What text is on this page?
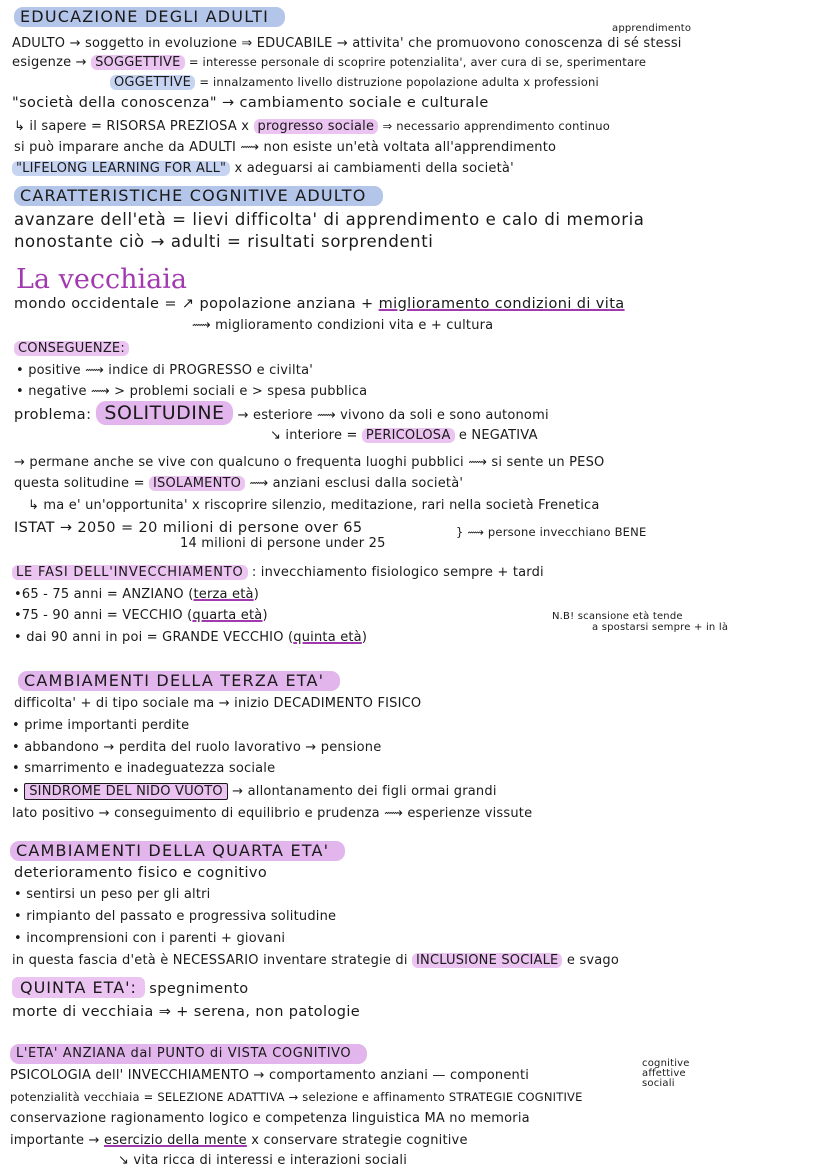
EDUCAZIONE DEGLI ADULTI
apprendimento
ADULTO → soggetto in evoluzione ⇒ EDUCABILE → attivita' che promuovono conoscenza di sé stessi
esigenze → SOGGETTIVE = interesse personale di scoprire potenzialita', aver cura di se, sperimentare
OGGETTIVE = innalzamento livello distruzione popolazione adulta x professioni
"società della conoscenza" → cambiamento sociale e culturale
↳ il sapere = RISORSA PREZIOSA x progresso sociale ⇒ necessario apprendimento continuo
si può imparare anche da ADULTI ⟿ non esiste un'età voltata all'apprendimento
"LIFELONG LEARNING FOR ALL" x adeguarsi ai cambiamenti della società'
CARATTERISTICHE COGNITIVE ADULTO
avanzare dell'età = lievi difficolta' di apprendimento e calo di memoria
nonostante ciò → adulti = risultati sorprendenti
La vecchiaia
mondo occidentale = ↗ popolazione anziana + miglioramento condizioni di vita
⟿ miglioramento condizioni vita e + cultura
CONSEGUENZE:
• positive ⟿ indice di PROGRESSO e civilta'
• negative ⟿ > problemi sociali e > spesa pubblica
problema: SOLITUDINE → esteriore ⟿ vivono da soli e sono autonomi
↘ interiore = PERICOLOSA e NEGATIVA
→ permane anche se vive con qualcuno o frequenta luoghi pubblici ⟿ si sente un PESO
questa solitudine = ISOLAMENTO ⟿ anziani esclusi dalla società'
↳ ma e' un'opportunita' x riscoprire silenzio, meditazione, rari nella società Frenetica
ISTAT → 2050 = 20 milioni di persone over 65
14 milioni di persone under 25
} ⟿ persone invecchiano BENE
LE FASI DELL'INVECCHIAMENTO : invecchiamento fisiologico sempre + tardi
•65 - 75 anni = ANZIANO (terza età)
•75 - 90 anni = VECCHIO (quarta età)
• dai 90 anni in poi = GRANDE VECCHIO (quinta età)
N.B! scansione età tende
a spostarsi sempre + in là
CAMBIAMENTI DELLA TERZA ETA'
difficolta' + di tipo sociale ma → inizio DECADIMENTO FISICO
• prime importanti perdite
• abbandono → perdita del ruolo lavorativo → pensione
• smarrimento e inadeguatezza sociale
• SINDROME DEL NIDO VUOTO → allontanamento dei figli ormai grandi
lato positivo → conseguimento di equilibrio e prudenza ⟿ esperienze vissute
CAMBIAMENTI DELLA QUARTA ETA'
deterioramento fisico e cognitivo
• sentirsi un peso per gli altri
• rimpianto del passato e progressiva solitudine
• incomprensioni con i parenti + giovani
in questa fascia d'età è NECESSARIO inventare strategie di INCLUSIONE SOCIALE e svago
QUINTA ETA': spegnimento
morte di vecchiaia ⇒ + serena, non patologie
L'ETA' ANZIANA dal PUNTO di VISTA COGNITIVO
PSICOLOGIA dell' INVECCHIAMENTO → comportamento anziani — componenti
cognitive
affettive
sociali
potenzialità vecchiaia = SELEZIONE ADATTIVA → selezione e affinamento STRATEGIE COGNITIVE
conservazione ragionamento logico e competenza linguistica MA no memoria
importante → esercizio della mente x conservare strategie cognitive
↘ vita ricca di interessi e interazioni sociali
